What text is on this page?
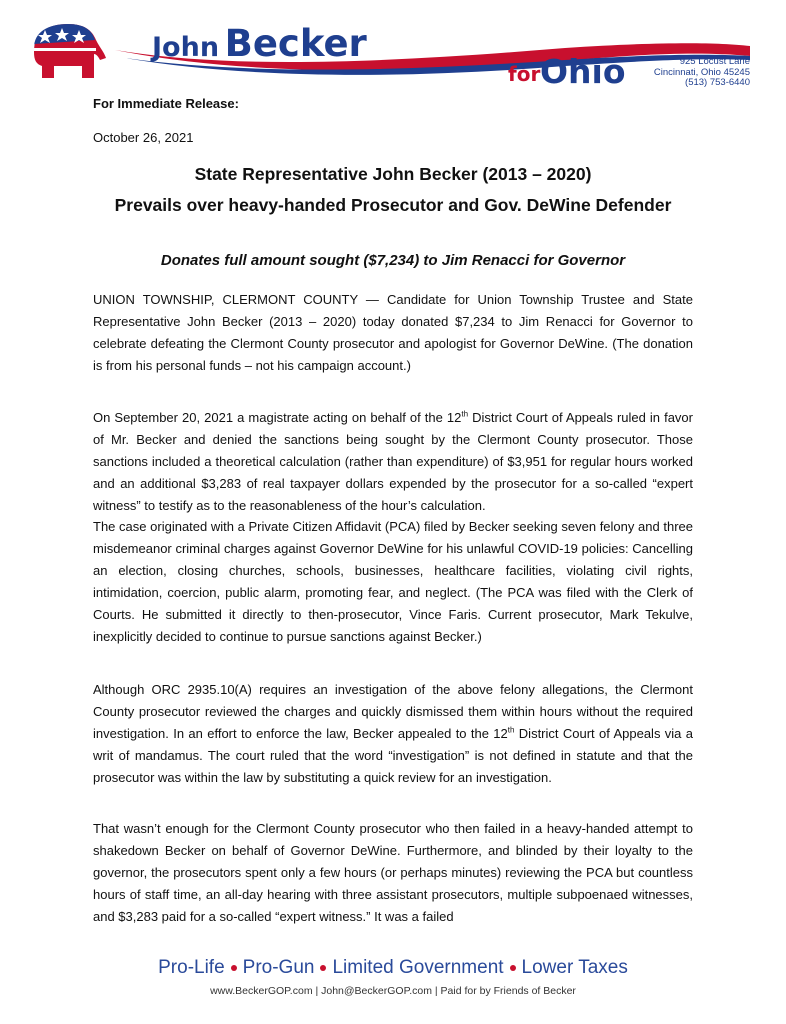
John Becker
for Ohio	925 Locust Lane
Cincinnati, Ohio 45245
(513) 753-6440
For Immediate Release:
October 26, 2021
State Representative John Becker (2013 – 2020)
Prevails over heavy-handed Prosecutor and Gov. DeWine Defender
Donates full amount sought ($7,234) to Jim Renacci for Governor
UNION TOWNSHIP, CLERMONT COUNTY — Candidate for Union Township Trustee and State Representative John Becker (2013 – 2020) today donated $7,234 to Jim Renacci for Governor to celebrate defeating the Clermont County prosecutor and apologist for Governor DeWine. (The donation is from his personal funds – not his campaign account.)
On September 20, 2021 a magistrate acting on behalf of the 12th District Court of Appeals ruled in favor of Mr. Becker and denied the sanctions being sought by the Clermont County prosecutor. Those sanctions included a theoretical calculation (rather than expenditure) of $3,951 for regular hours worked and an additional $3,283 of real taxpayer dollars expended by the prosecutor for a so-called “expert witness” to testify as to the reasonableness of the hour’s calculation.
The case originated with a Private Citizen Affidavit (PCA) filed by Becker seeking seven felony and three misdemeanor criminal charges against Governor DeWine for his unlawful COVID-19 policies: Cancelling an election, closing churches, schools, businesses, healthcare facilities, violating civil rights, intimidation, coercion, public alarm, promoting fear, and neglect. (The PCA was filed with the Clerk of Courts. He submitted it directly to then-prosecutor, Vince Faris. Current prosecutor, Mark Tekulve, inexplicitly decided to continue to pursue sanctions against Becker.)
Although ORC 2935.10(A) requires an investigation of the above felony allegations, the Clermont County prosecutor reviewed the charges and quickly dismissed them within hours without the required investigation. In an effort to enforce the law, Becker appealed to the 12th District Court of Appeals via a writ of mandamus. The court ruled that the word “investigation” is not defined in statute and that the prosecutor was within the law by substituting a quick review for an investigation.
That wasn’t enough for the Clermont County prosecutor who then failed in a heavy-handed attempt to shakedown Becker on behalf of Governor DeWine. Furthermore, and blinded by their loyalty to the governor, the prosecutors spent only a few hours (or perhaps minutes) reviewing the PCA but countless hours of staff time, an all-day hearing with three assistant prosecutors, multiple subpoenaed witnesses, and $3,283 paid for a so-called “expert witness.” It was a failed
Pro-Life Pro-Gun Limited Government Lower Taxes
www.BeckerGOP.com | John@BeckerGOP.com | Paid for by Friends of Becker
